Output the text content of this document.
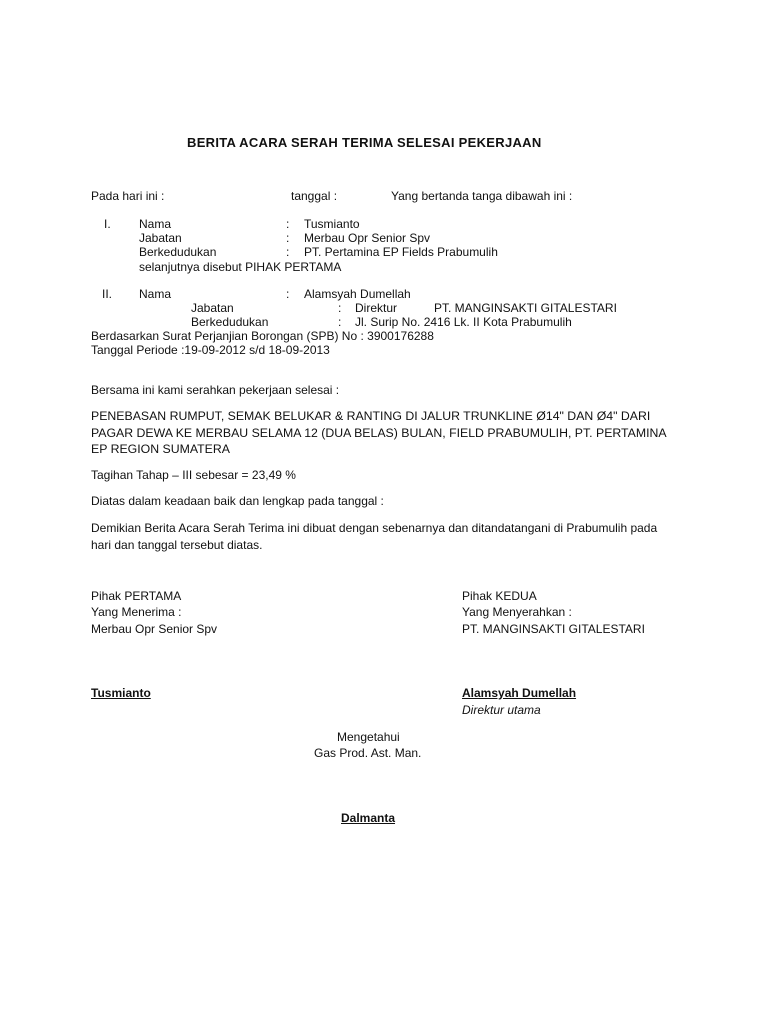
BERITA ACARA SERAH TERIMA SELESAI PEKERJAAN
Pada hari ini :	tanggal :	Yang bertanda tanga dibawah ini :
I. Nama	: Tusmianto
Jabatan	: Merbau Opr Senior Spv
Berkedudukan	: PT. Pertamina EP Fields Prabumulih
selanjutnya disebut PIHAK PERTAMA
II. Nama	: Alamsyah Dumellah
Jabatan	: Direktur	PT. MANGINSAKTI GITALESTARI
Berkedudukan	: Jl. Surip No. 2416 Lk. II Kota Prabumulih
Berdasarkan Surat Perjanjian Borongan (SPB) No : 3900176288
Tanggal Periode :19-09-2012 s/d 18-09-2013
Bersama ini kami serahkan pekerjaan selesai :
PENEBASAN RUMPUT, SEMAK BELUKAR & RANTING DI JALUR TRUNKLINE Ø14" DAN Ø4" DARI
PAGAR DEWA KE MERBAU SELAMA 12 (DUA BELAS) BULAN, FIELD PRABUMULIH, PT. PERTAMINA
EP REGION SUMATERA
Tagihan Tahap – III sebesar = 23,49 %
Diatas dalam keadaan baik dan lengkap pada tanggal :
Demikian Berita Acara Serah Terima ini dibuat dengan sebenarnya dan ditandatangani di Prabumulih pada
hari dan tanggal tersebut diatas.
Pihak PERTAMA
Yang Menerima :
Merbau Opr Senior Spv
Tusmianto
Pihak KEDUA
Yang Menyerahkan :
PT. MANGINSAKTI GITALESTARI
Alamsyah Dumellah
Direktur utama
Mengetahui
Gas Prod. Ast. Man.
Dalmanta
